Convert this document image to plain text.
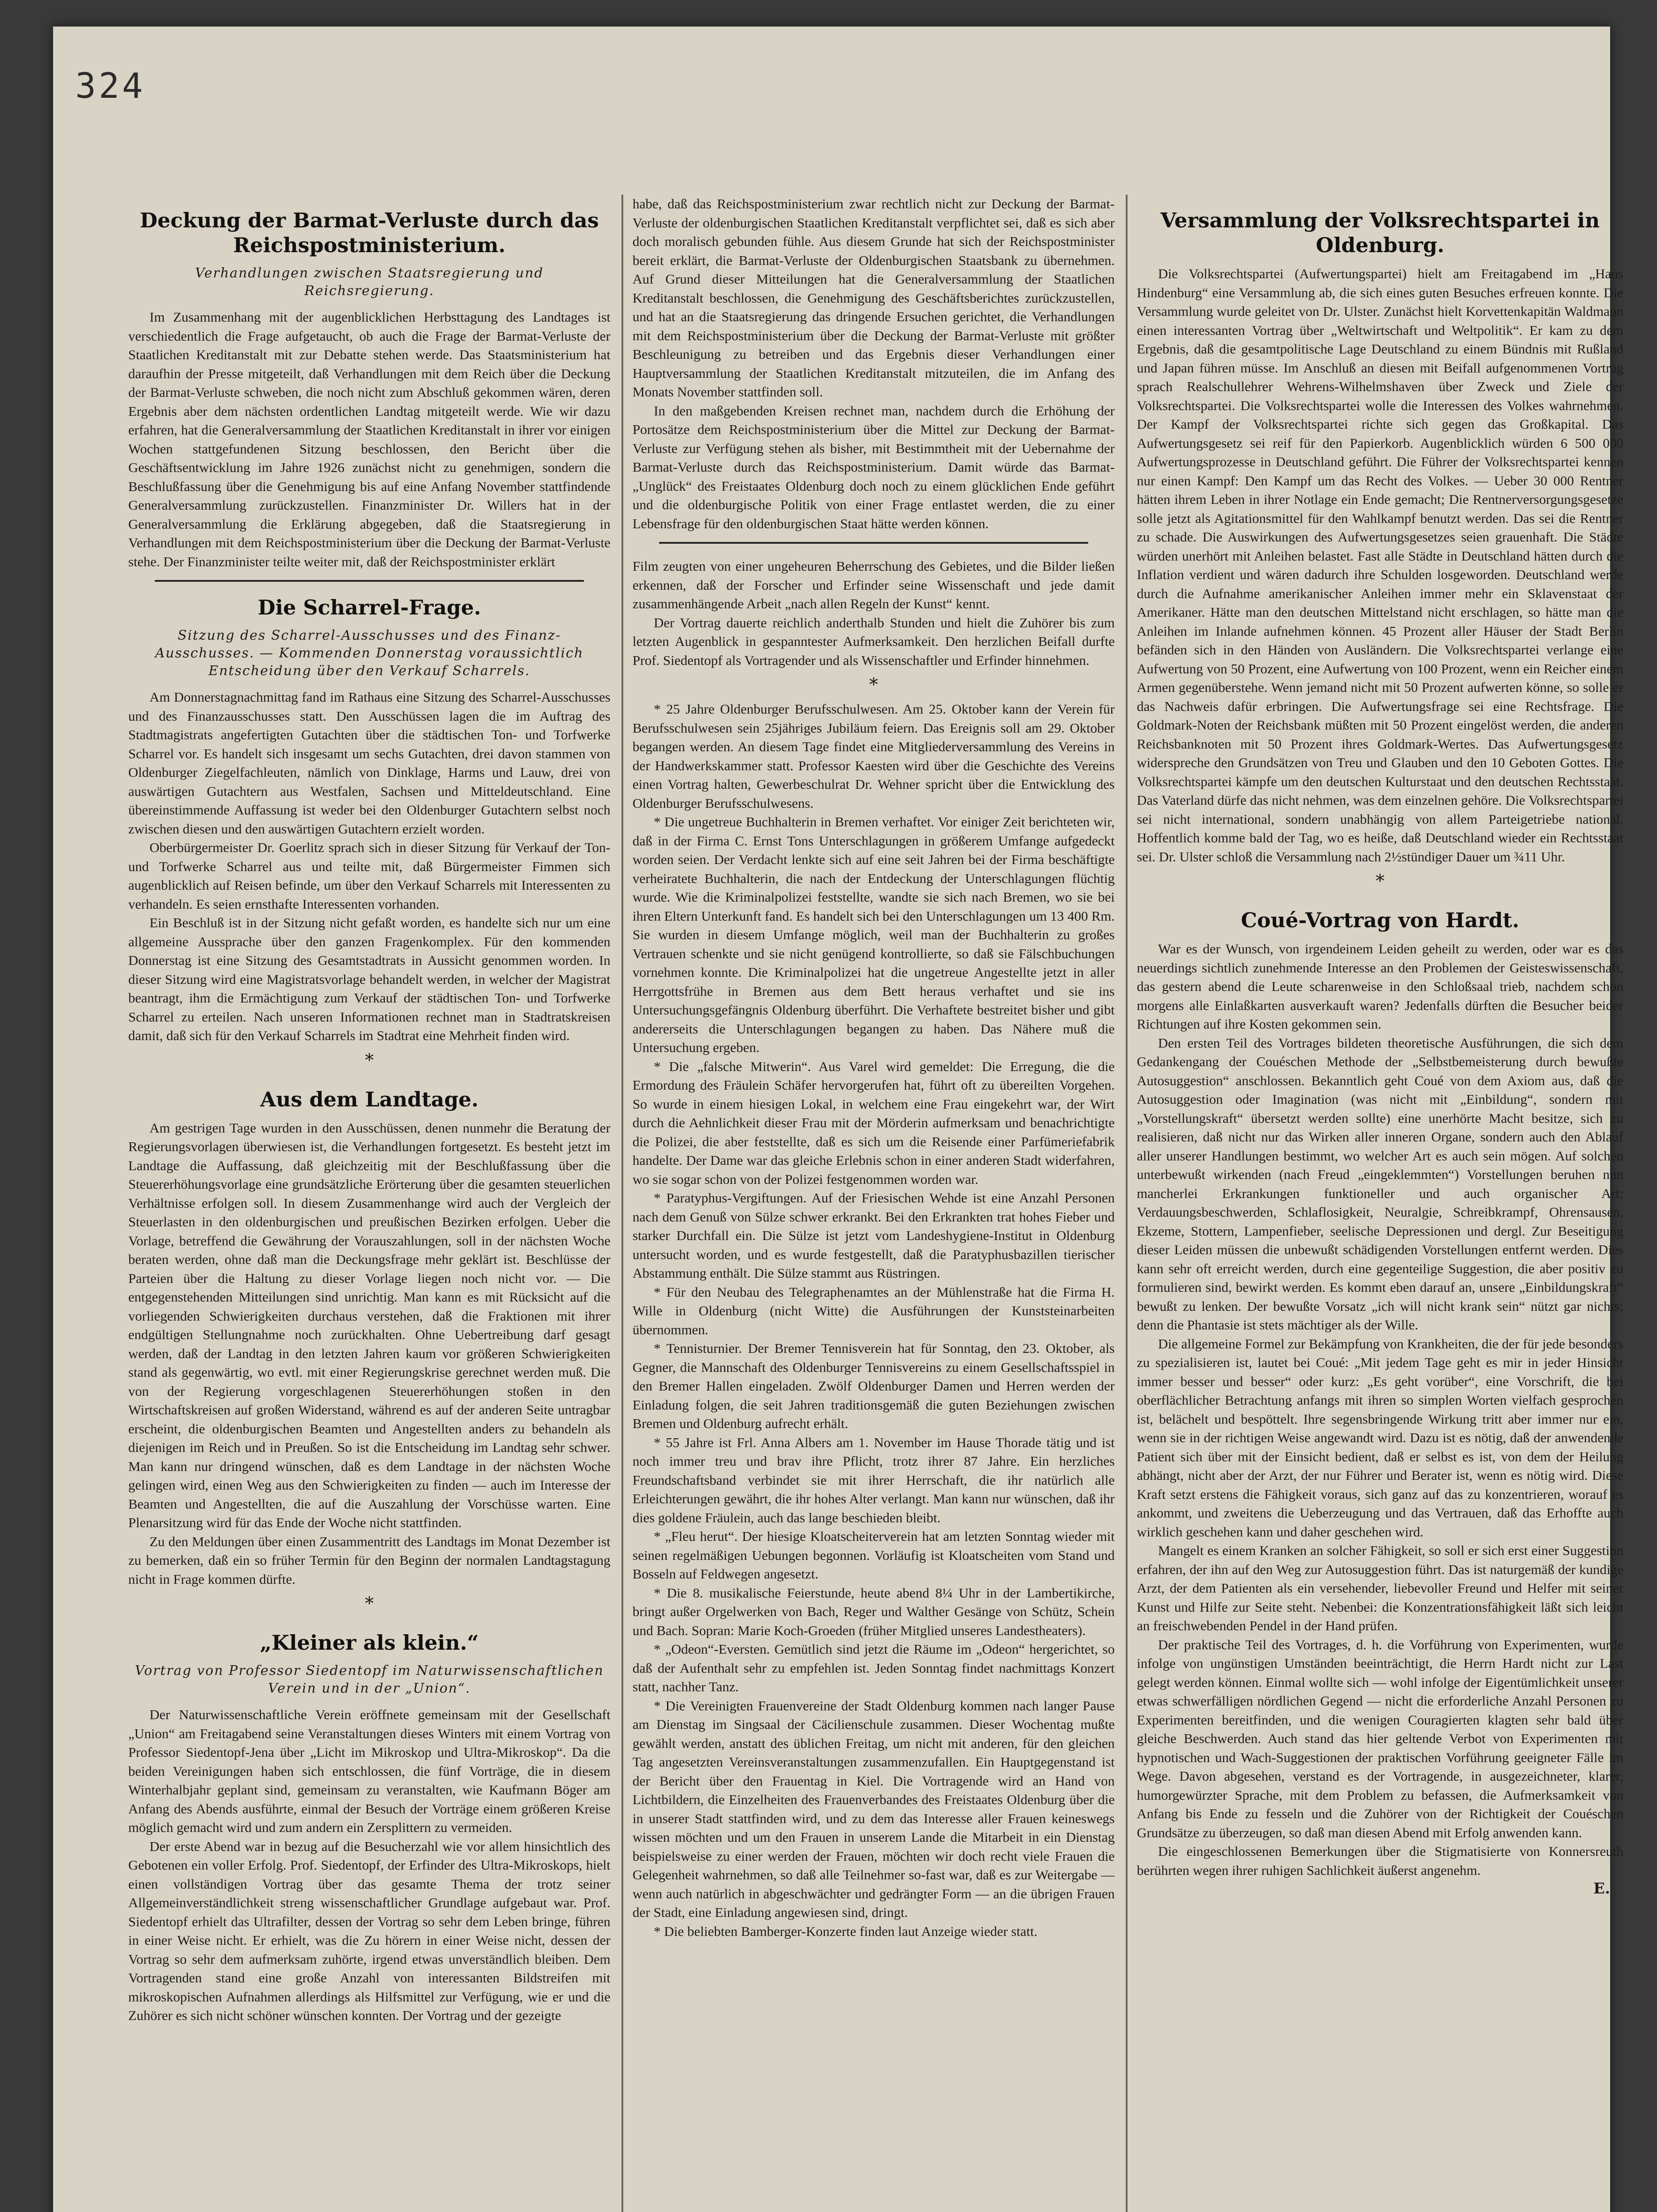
324
Deckung der Barmat-Verluste durch das Reichspostministerium.
Verhandlungen zwischen Staatsregierung und Reichsregierung.

Im Zusammenhang mit der augenblicklichen Herbsttagung des Landtages ist verschiedentlich die Frage aufgetaucht, ob auch die Frage der Barmat-Verluste der Staatlichen Kreditanstalt mit zur Debatte stehen werde. Das Staatsministerium hat daraufhin der Presse mitgeteilt, daß Verhandlungen mit dem Reich über die Deckung der Barmat-Verluste schweben, die noch nicht zum Abschluß gekommen wären, deren Ergebnis aber dem nächsten ordentlichen Landtag mitgeteilt werde. Wie wir dazu erfahren, hat die Generalversammlung der Staatlichen Kreditanstalt in ihrer vor einigen Wochen stattgefundenen Sitzung beschlossen, den Bericht über die Geschäftsentwicklung im Jahre 1926 zunächst nicht zu genehmigen, sondern die Beschlußfassung über die Genehmigung bis auf eine Anfang November stattfindende Generalversammlung zurückzustellen. Finanzminister Dr. Willers hat in der Generalversammlung die Erklärung abgegeben, daß die Staatsregierung in Verhandlungen mit dem Reichspostministerium über die Deckung der Barmat-Verluste stehe. Der Finanzminister teilte weiter mit, daß der Reichspostminister erklärt

Die Scharrel-Frage.
Sitzung des Scharrel-Ausschusses und des Finanz-Ausschusses. — Kommenden Donnerstag voraussichtlich Entscheidung über den Verkauf Scharrels.

Am Donnerstagnachmittag fand im Rathaus eine Sitzung des Scharrel-Ausschusses und des Finanzausschusses statt. Den Ausschüssen lagen die im Auftrag des Stadtmagistrats angefertigten Gutachten über die städtischen Ton- und Torfwerke Scharrel vor. Es handelt sich insgesamt um sechs Gutachten, drei davon stammen von Oldenburger Ziegelfachleuten, nämlich von Dinklage, Harms und Lauw, drei von auswärtigen Gutachtern aus Westfalen, Sachsen und Mitteldeutschland. Eine übereinstimmende Auffassung ist weder bei den Oldenburger Gutachtern selbst noch zwischen diesen und den auswärtigen Gutachtern erzielt worden.

Oberbürgermeister Dr. Goerlitz sprach sich in dieser Sitzung für Verkauf der Ton- und Torfwerke Scharrel aus und teilte mit, daß Bürgermeister Fimmen sich augenblicklich auf Reisen befinde, um über den Verkauf Scharrels mit Interessenten zu verhandeln. Es seien ernsthafte Interessenten vorhanden.

Ein Beschluß ist in der Sitzung nicht gefaßt worden, es handelte sich nur um eine allgemeine Aussprache über den ganzen Fragenkomplex. Für den kommenden Donnerstag ist eine Sitzung des Gesamtstadtrats in Aussicht genommen worden. In dieser Sitzung wird eine Magistratsvorlage behandelt werden, in welcher der Magistrat beantragt, ihm die Ermächtigung zum Verkauf der städtischen Ton- und Torfwerke Scharrel zu erteilen. Nach unseren Informationen rechnet man in Stadtratskreisen damit, daß sich für den Verkauf Scharrels im Stadtrat eine Mehrheit finden wird.

*
Aus dem Landtage.

Am gestrigen Tage wurden in den Ausschüssen, denen nunmehr die Beratung der Regierungsvorlagen überwiesen ist, die Verhandlungen fortgesetzt. Es besteht jetzt im Landtage die Auffassung, daß gleichzeitig mit der Beschlußfassung über die Steuererhöhungsvorlage eine grundsätzliche Erörterung über die gesamten steuerlichen Verhältnisse erfolgen soll. In diesem Zusammenhange wird auch der Vergleich der Steuerlasten in den oldenburgischen und preußischen Bezirken erfolgen. Ueber die Vorlage, betreffend die Gewährung der Vorauszahlungen, soll in der nächsten Woche beraten werden, ohne daß man die Deckungsfrage mehr geklärt ist. Beschlüsse der Parteien über die Haltung zu dieser Vorlage liegen noch nicht vor. — Die entgegenstehenden Mitteilungen sind unrichtig. Man kann es mit Rücksicht auf die vorliegenden Schwierigkeiten durchaus verstehen, daß die Fraktionen mit ihrer endgültigen Stellungnahme noch zurückhalten. Ohne Uebertreibung darf gesagt werden, daß der Landtag in den letzten Jahren kaum vor größeren Schwierigkeiten stand als gegenwärtig, wo evtl. mit einer Regierungskrise gerechnet werden muß. Die von der Regierung vorgeschlagenen Steuererhöhungen stoßen in den Wirtschaftskreisen auf großen Widerstand, während es auf der anderen Seite untragbar erscheint, die oldenburgischen Beamten und Angestellten anders zu behandeln als diejenigen im Reich und in Preußen. So ist die Entscheidung im Landtag sehr schwer. Man kann nur dringend wünschen, daß es dem Landtage in der nächsten Woche gelingen wird, einen Weg aus den Schwierigkeiten zu finden — auch im Interesse der Beamten und Angestellten, die auf die Auszahlung der Vorschüsse warten. Eine Plenarsitzung wird für das Ende der Woche nicht stattfinden.

Zu den Meldungen über einen Zusammentritt des Landtags im Monat Dezember ist zu bemerken, daß ein so früher Termin für den Beginn der normalen Landtagstagung nicht in Frage kommen dürfte.

*
„Kleiner als klein.“
Vortrag von Professor Siedentopf im Naturwissenschaftlichen Verein und in der „Union“.

Der Naturwissenschaftliche Verein eröffnete gemeinsam mit der Gesellschaft „Union“ am Freitagabend seine Veranstaltungen dieses Winters mit einem Vortrag von Professor Siedentopf-Jena über „Licht im Mikroskop und Ultra-Mikroskop“. Da die beiden Vereinigungen haben sich entschlossen, die fünf Vorträge, die in diesem Winterhalbjahr geplant sind, gemeinsam zu veranstalten, wie Kaufmann Böger am Anfang des Abends ausführte, einmal der Besuch der Vorträge einem größeren Kreise möglich gemacht wird und zum andern ein Zersplittern zu vermeiden.

Der erste Abend war in bezug auf die Besucherzahl wie vor allem hinsichtlich des Gebotenen ein voller Erfolg. Prof. Siedentopf, der Erfinder des Ultra-Mikroskops, hielt einen vollständigen Vortrag über das gesamte Thema der trotz seiner Allgemeinverständlichkeit streng wissenschaftlicher Grundlage aufgebaut war. Prof. Siedentopf erhielt das Ultrafilter, dessen der Vortrag so sehr dem Leben bringe, führen in einer Weise nicht. Er erhielt, was die Zu hörern in einer Weise nicht, dessen der Vortrag so sehr dem aufmerksam zuhörte, irgend etwas unverständlich bleiben. Dem Vortragenden stand eine große Anzahl von interessanten Bildstreifen mit mikroskopischen Aufnahmen allerdings als Hilfsmittel zur Verfügung, wie er und die Zuhörer es sich nicht schöner wünschen konnten. Der Vortrag und der gezeigte

habe, daß das Reichspostministerium zwar rechtlich nicht zur Deckung der Barmat-Verluste der oldenburgischen Staatlichen Kreditanstalt verpflichtet sei, daß es sich aber doch moralisch gebunden fühle. Aus diesem Grunde hat sich der Reichspostminister bereit erklärt, die Barmat-Verluste der Oldenburgischen Staatsbank zu übernehmen. Auf Grund dieser Mitteilungen hat die Generalversammlung der Staatlichen Kreditanstalt beschlossen, die Genehmigung des Geschäftsberichtes zurückzustellen, und hat an die Staatsregierung das dringende Ersuchen gerichtet, die Verhandlungen mit dem Reichspostministerium über die Deckung der Barmat-Verluste mit größter Beschleunigung zu betreiben und das Ergebnis dieser Verhandlungen einer Hauptversammlung der Staatlichen Kreditanstalt mitzuteilen, die im Anfang des Monats November stattfinden soll.

In den maßgebenden Kreisen rechnet man, nachdem durch die Erhöhung der Portosätze dem Reichspostministerium über die Mittel zur Deckung der Barmat-Verluste zur Verfügung stehen als bisher, mit Bestimmtheit mit der Uebernahme der Barmat-Verluste durch das Reichspostministerium. Damit würde das Barmat-„Unglück“ des Freistaates Oldenburg doch noch zu einem glücklichen Ende geführt und die oldenburgische Politik von einer Frage entlastet werden, die zu einer Lebensfrage für den oldenburgischen Staat hätte werden können.

Film zeugten von einer ungeheuren Beherrschung des Gebietes, und die Bilder ließen erkennen, daß der Forscher und Erfinder seine Wissenschaft und jede damit zusammenhängende Arbeit „nach allen Regeln der Kunst“ kennt.

Der Vortrag dauerte reichlich anderthalb Stunden und hielt die Zuhörer bis zum letzten Augenblick in gespanntester Aufmerksamkeit. Den herzlichen Beifall durfte Prof. Siedentopf als Vortragender und als Wissenschaftler und Erfinder hinnehmen.

*

* 25 Jahre Oldenburger Berufsschulwesen. Am 25. Oktober kann der Verein für Berufsschulwesen sein 25jähriges Jubiläum feiern. Das Ereignis soll am 29. Oktober begangen werden. An diesem Tage findet eine Mitgliederversammlung des Vereins in der Handwerkskammer statt. Professor Kaesten wird über die Geschichte des Vereins einen Vortrag halten, Gewerbeschulrat Dr. Wehner spricht über die Entwicklung des Oldenburger Berufsschulwesens.

* Die ungetreue Buchhalterin in Bremen verhaftet. Vor einiger Zeit berichteten wir, daß in der Firma C. Ernst Tons Unterschlagungen in größerem Umfange aufgedeckt worden seien. Der Verdacht lenkte sich auf eine seit Jahren bei der Firma beschäftigte verheiratete Buchhalterin, die nach der Entdeckung der Unterschlagungen flüchtig wurde. Wie die Kriminalpolizei feststellte, wandte sie sich nach Bremen, wo sie bei ihren Eltern Unterkunft fand. Es handelt sich bei den Unterschlagungen um 13 400 Rm. Sie wurden in diesem Umfange möglich, weil man der Buchhalterin zu großes Vertrauen schenkte und sie nicht genügend kontrollierte, so daß sie Fälschbuchungen vornehmen konnte. Die Kriminalpolizei hat die ungetreue Angestellte jetzt in aller Herrgottsfrühe in Bremen aus dem Bett heraus verhaftet und sie ins Untersuchungsgefängnis Oldenburg überführt. Die Verhaftete bestreitet bisher und gibt andererseits die Unterschlagungen begangen zu haben. Das Nähere muß die Untersuchung ergeben.

* Die „falsche Mitwerin“. Aus Varel wird gemeldet: Die Erregung, die die Ermordung des Fräulein Schäfer hervorgerufen hat, führt oft zu übereilten Vorgehen. So wurde in einem hiesigen Lokal, in welchem eine Frau eingekehrt war, der Wirt durch die Aehnlichkeit dieser Frau mit der Mörderin aufmerksam und benachrichtigte die Polizei, die aber feststellte, daß es sich um die Reisende einer Parfümeriefabrik handelte. Der Dame war das gleiche Erlebnis schon in einer anderen Stadt widerfahren, wo sie sogar schon von der Polizei festgenommen worden war.

* Paratyphus-Vergiftungen. Auf der Friesischen Wehde ist eine Anzahl Personen nach dem Genuß von Sülze schwer erkrankt. Bei den Erkrankten trat hohes Fieber und starker Durchfall ein. Die Sülze ist jetzt vom Landeshygiene-Institut in Oldenburg untersucht worden, und es wurde festgestellt, daß die Paratyphusbazillen tierischer Abstammung enthält. Die Sülze stammt aus Rüstringen.

* Für den Neubau des Telegraphenamtes an der Mühlenstraße hat die Firma H. Wille in Oldenburg (nicht Witte) die Ausführungen der Kunststeinarbeiten übernommen.

* Tennisturnier. Der Bremer Tennisverein hat für Sonntag, den 23. Oktober, als Gegner, die Mannschaft des Oldenburger Tennisvereins zu einem Gesellschaftsspiel in den Bremer Hallen eingeladen. Zwölf Oldenburger Damen und Herren werden der Einladung folgen, die seit Jahren traditionsgemäß die guten Beziehungen zwischen Bremen und Oldenburg aufrecht erhält.

* 55 Jahre ist Frl. Anna Albers am 1. November im Hause Thorade tätig und ist noch immer treu und brav ihre Pflicht, trotz ihrer 87 Jahre. Ein herzliches Freundschaftsband verbindet sie mit ihrer Herrschaft, die ihr natürlich alle Erleichterungen gewährt, die ihr hohes Alter verlangt. Man kann nur wünschen, daß ihr dies goldene Fräulein, auch das lange beschieden bleibt.

* „Fleu herut“. Der hiesige Kloatscheiterverein hat am letzten Sonntag wieder mit seinen regelmäßigen Uebungen begonnen. Vorläufig ist Kloatscheiten vom Stand und Bosseln auf Feldwegen angesetzt.

* Die 8. musikalische Feierstunde, heute abend 8¼ Uhr in der Lambertikirche, bringt außer Orgelwerken von Bach, Reger und Walther Gesänge von Schütz, Schein und Bach. Sopran: Marie Koch-Groeden (früher Mitglied unseres Landestheaters).

* „Odeon“-Eversten. Gemütlich sind jetzt die Räume im „Odeon“ hergerichtet, so daß der Aufenthalt sehr zu empfehlen ist. Jeden Sonntag findet nachmittags Konzert statt, nachher Tanz.

* Die Vereinigten Frauenvereine der Stadt Oldenburg kommen nach langer Pause am Dienstag im Singsaal der Cäcilienschule zusammen. Dieser Wochentag mußte gewählt werden, anstatt des üblichen Freitag, um nicht mit anderen, für den gleichen Tag angesetzten Vereinsveranstaltungen zusammenzufallen. Ein Hauptgegenstand ist der Bericht über den Frauentag in Kiel. Die Vortragende wird an Hand von Lichtbildern, die Einzelheiten des Frauenverbandes des Freistaates Oldenburg über die in unserer Stadt stattfinden wird, und zu dem das Interesse aller Frauen keineswegs wissen möchten und um den Frauen in unserem Lande die Mitarbeit in ein Dienstag beispielsweise zu einer werden der Frauen, möchten wir doch recht viele Frauen die Gelegenheit wahrnehmen, so daß alle Teilnehmer so-fast war, daß es zur Weitergabe — wenn auch natürlich in abgeschwächter und gedrängter Form — an die übrigen Frauen der Stadt, eine Einladung angewiesen sind, dringt.

* Die beliebten Bamberger-Konzerte finden laut Anzeige wieder statt.

Versammlung der Volksrechtspartei in Oldenburg.

Die Volksrechtspartei (Aufwertungspartei) hielt am Freitagabend im „Haus Hindenburg“ eine Versammlung ab, die sich eines guten Besuches erfreuen konnte. Die Versammlung wurde geleitet von Dr. Ulster. Zunächst hielt Korvettenkapitän Waldmann einen interessanten Vortrag über „Weltwirtschaft und Weltpolitik“. Er kam zu dem Ergebnis, daß die gesamtpolitische Lage Deutschland zu einem Bündnis mit Rußland und Japan führen müsse. Im Anschluß an diesen mit Beifall aufgenommenen Vortrag sprach Realschullehrer Wehrens-Wilhelmshaven über Zweck und Ziele der Volksrechtspartei. Die Volksrechtspartei wolle die Interessen des Volkes wahrnehmen. Der Kampf der Volksrechtspartei richte sich gegen das Großkapital. Das Aufwertungsgesetz sei reif für den Papierkorb. Augenblicklich würden 6 500 000 Aufwertungsprozesse in Deutschland geführt. Die Führer der Volksrechtspartei kennen nur einen Kampf: Den Kampf um das Recht des Volkes. — Ueber 30 000 Rentner hätten ihrem Leben in ihrer Notlage ein Ende gemacht; Die Rentnerversorgungsgesetze solle jetzt als Agitationsmittel für den Wahlkampf benutzt werden. Das sei die Rentner zu schade. Die Auswirkungen des Aufwertungsgesetzes seien grauenhaft. Die Städte würden unerhört mit Anleihen belastet. Fast alle Städte in Deutschland hätten durch die Inflation verdient und wären dadurch ihre Schulden losgeworden. Deutschland werde durch die Aufnahme amerikanischer Anleihen immer mehr ein Sklavenstaat der Amerikaner. Hätte man den deutschen Mittelstand nicht erschlagen, so hätte man die Anleihen im Inlande aufnehmen können. 45 Prozent aller Häuser der Stadt Berlin befänden sich in den Händen von Ausländern. Die Volksrechtspartei verlange eine Aufwertung von 50 Prozent, eine Aufwertung von 100 Prozent, wenn ein Reicher einem Armen gegenüberstehe. Wenn jemand nicht mit 50 Prozent aufwerten könne, so solle er das Nachweis dafür erbringen. Die Aufwertungsfrage sei eine Rechtsfrage. Die Goldmark-Noten der Reichsbank müßten mit 50 Prozent eingelöst werden, die anderen Reichsbanknoten mit 50 Prozent ihres Goldmark-Wertes. Das Aufwertungsgesetz widerspreche den Grundsätzen von Treu und Glauben und den 10 Geboten Gottes. Die Volksrechtspartei kämpfe um den deutschen Kulturstaat und den deutschen Rechtsstaat. Das Vaterland dürfe das nicht nehmen, was dem einzelnen gehöre. Die Volksrechtspartei sei nicht international, sondern unabhängig von allem Parteigetriebe national. Hoffentlich komme bald der Tag, wo es heiße, daß Deutschland wieder ein Rechtsstaat sei. Dr. Ulster schloß die Versammlung nach 2½stündiger Dauer um ¾11 Uhr.

*
Coué-Vortrag von Hardt.

War es der Wunsch, von irgendeinem Leiden geheilt zu werden, oder war es das neuerdings sichtlich zunehmende Interesse an den Problemen der Geisteswissenschaft, das gestern abend die Leute scharenweise in den Schloßsaal trieb, nachdem schon morgens alle Einlaßkarten ausverkauft waren? Jedenfalls dürften die Besucher beider Richtungen auf ihre Kosten gekommen sein.

Den ersten Teil des Vortrages bildeten theoretische Ausführungen, die sich dem Gedankengang der Couéschen Methode der „Selbstbemeisterung durch bewußte Autosuggestion“ anschlossen. Bekanntlich geht Coué von dem Axiom aus, daß die Autosuggestion oder Imagination (was nicht mit „Einbildung“, sondern mit „Vorstellungskraft“ übersetzt werden sollte) eine unerhörte Macht besitze, sich zu realisieren, daß nicht nur das Wirken aller inneren Organe, sondern auch den Ablauf aller unserer Handlungen bestimmt, wo welcher Art es auch sein mögen. Auf solchen unterbewußt wirkenden (nach Freud „eingeklemmten“) Vorstellungen beruhen nun mancherlei Erkrankungen funktioneller und auch organischer Art: Verdauungsbeschwerden, Schlaflosigkeit, Neuralgie, Schreibkrampf, Ohrensausen, Ekzeme, Stottern, Lampenfieber, seelische Depressionen und dergl. Zur Beseitigung dieser Leiden müssen die unbewußt schädigenden Vorstellungen entfernt werden. Dies kann sehr oft erreicht werden, durch eine gegenteilige Suggestion, die aber positiv zu formulieren sind, bewirkt werden. Es kommt eben darauf an, unsere „Einbildungskraft“ bewußt zu lenken. Der bewußte Vorsatz „ich will nicht krank sein“ nützt gar nichts; denn die Phantasie ist stets mächtiger als der Wille.

Die allgemeine Formel zur Bekämpfung von Krankheiten, die der für jede besonders zu spezialisieren ist, lautet bei Coué: „Mit jedem Tage geht es mir in jeder Hinsicht immer besser und besser“ oder kurz: „Es geht vorüber“, eine Vorschrift, die bei oberflächlicher Betrachtung anfangs mit ihren so simplen Worten vielfach gesprochen ist, belächelt und bespöttelt. Ihre segensbringende Wirkung tritt aber immer nur ein, wenn sie in der richtigen Weise angewandt wird. Dazu ist es nötig, daß der anwendende Patient sich über mit der Einsicht bedient, daß er selbst es ist, von dem der Heilung abhängt, nicht aber der Arzt, der nur Führer und Berater ist, wenn es nötig wird. Diese Kraft setzt erstens die Fähigkeit voraus, sich ganz auf das zu konzentrieren, worauf es ankommt, und zweitens die Ueberzeugung und das Vertrauen, daß das Erhoffte auch wirklich geschehen kann und daher geschehen wird.

Mangelt es einem Kranken an solcher Fähigkeit, so soll er sich erst einer Suggestion erfahren, der ihn auf den Weg zur Autosuggestion führt. Das ist naturgemäß der kundige Arzt, der dem Patienten als ein versehender, liebevoller Freund und Helfer mit seiner Kunst und Hilfe zur Seite steht. Nebenbei: die Konzentrationsfähigkeit läßt sich leicht an freischwebenden Pendel in der Hand prüfen.

Der praktische Teil des Vortrages, d. h. die Vorführung von Experimenten, wurde infolge von ungünstigen Umständen beeinträchtigt, die Herrn Hardt nicht zur Last gelegt werden können. Einmal wollte sich — wohl infolge der Eigentümlichkeit unserer etwas schwerfälligen nördlichen Gegend — nicht die erforderliche Anzahl Personen zu Experimenten bereitfinden, und die wenigen Couragierten klagten sehr bald über gleiche Beschwerden. Auch stand das hier geltende Verbot von Experimenten mit hypnotischen und Wach-Suggestionen der praktischen Vorführung geeigneter Fälle im Wege. Davon abgesehen, verstand es der Vortragende, in ausgezeichneter, klarer, humorgewürzter Sprache, mit dem Problem zu befassen, die Aufmerksamkeit von Anfang bis Ende zu fesseln und die Zuhörer von der Richtigkeit der Couéschen Grundsätze zu überzeugen, so daß man diesen Abend mit Erfolg anwenden kann.

Die eingeschlossenen Bemerkungen über die Stigmatisierte von Konnersreuth berührten wegen ihrer ruhigen Sachlichkeit äußerst angenehm.

E.
